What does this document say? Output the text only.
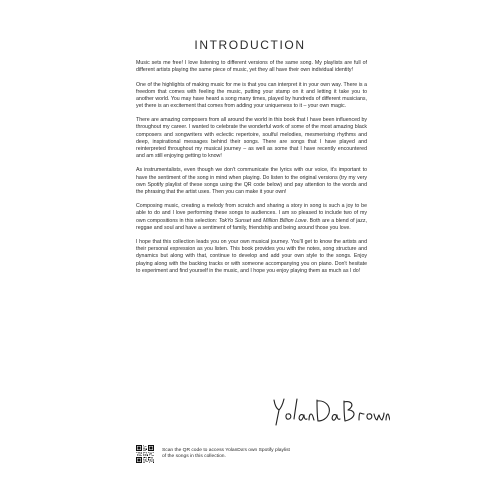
INTRODUCTION

Music sets me free! I love listening to different versions of the same song. My playlists are full of different artists playing the same piece of music, yet they all have their own individual identity!

One of the highlights of making music for me is that you can interpret it in your own way. There is a freedom that comes with feeling the music, putting your stamp on it and letting it take you to another world. You may have heard a song many times, played by hundreds of different musicians, yet there is an excitement that comes from adding your uniqueness to it – your own magic.

There are amazing composers from all around the world in this book that I have been influenced by throughout my career. I wanted to celebrate the wonderful work of some of the most amazing black composers and songwriters with eclectic repertoire, soulful melodies, mesmerising rhythms and deep, inspirational messages behind their songs. There are songs that I have played and reinterpreted throughout my musical journey – as well as some that I have recently encountered and am still enjoying getting to know!

As instrumentalists, even though we don't communicate the lyrics with our voice, it's important to have the sentiment of the song in mind when playing. Do listen to the original versions (try my very own Spotify playlist of these songs using the QR code below) and pay attention to the words and the phrasing that the artist uses. Then you can make it your own!

Composing music, creating a melody from scratch and sharing a story in song is such a joy to be able to do and I love performing these songs to audiences. I am so pleased to include two of my own compositions in this selection: TokYo Sunset and Million Billion Love. Both are a blend of jazz, reggae and soul and have a sentiment of family, friendship and being around those you love.

I hope that this collection leads you on your own musical journey. You'll get to know the artists and their personal expression as you listen. This book provides you with the notes, song structure and dynamics but along with that, continue to develop and add your own style to the songs. Enjoy playing along with the backing tracks or with someone accompanying you on piano. Don't hesitate to experiment and find yourself in the music, and I hope you enjoy playing them as much as I do!

Scan the QR code to access YolanDa's own Spotify playlist
of the songs in this collection.
